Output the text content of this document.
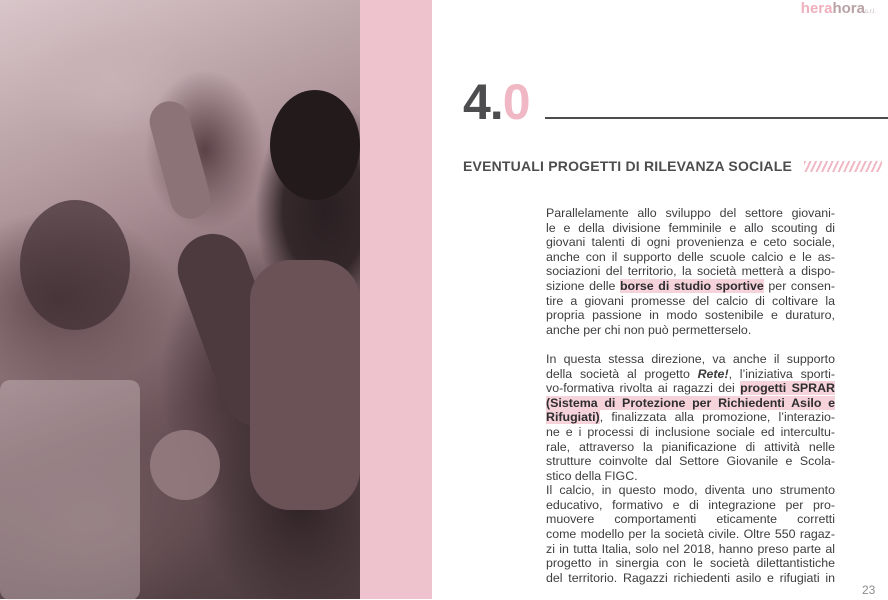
herahoras.r.l.
4.0
EVENTUALI PROGETTI DI RILEVANZA SOCIALE

Parallelamente allo sviluppo del settore giovani-
le e della divisione femminile e allo scouting di
giovani talenti di ogni provenienza e ceto sociale,
anche con il supporto delle scuole calcio e le as-
sociazioni del territorio, la società metterà a dispo-
sizione delle borse di studio sportive per consen-
tire a giovani promesse del calcio di coltivare la
propria passione in modo sostenibile e duraturo,
anche per chi non può permetterselo.

In questa stessa direzione, va anche il supporto
della società al progetto Rete!, l’iniziativa sporti-
vo-formativa rivolta ai ragazzi dei progetti SPRAR
(Sistema di Protezione per Richiedenti Asilo e
Rifugiati), finalizzata alla promozione, l’interazio-
ne e i processi di inclusione sociale ed intercultu-
rale, attraverso la pianificazione di attività nelle
strutture coinvolte dal Settore Giovanile e Scola-
stico della FIGC.

Il calcio, in questo modo, diventa uno strumento
educativo, formativo e di integrazione per pro-
muovere comportamenti eticamente corretti
come modello per la società civile. Oltre 550 ragaz-
zi in tutta Italia, solo nel 2018, hanno preso parte al
progetto in sinergia con le società dilettantistiche
del territorio. Ragazzi richiedenti asilo e rifugiati in

23
